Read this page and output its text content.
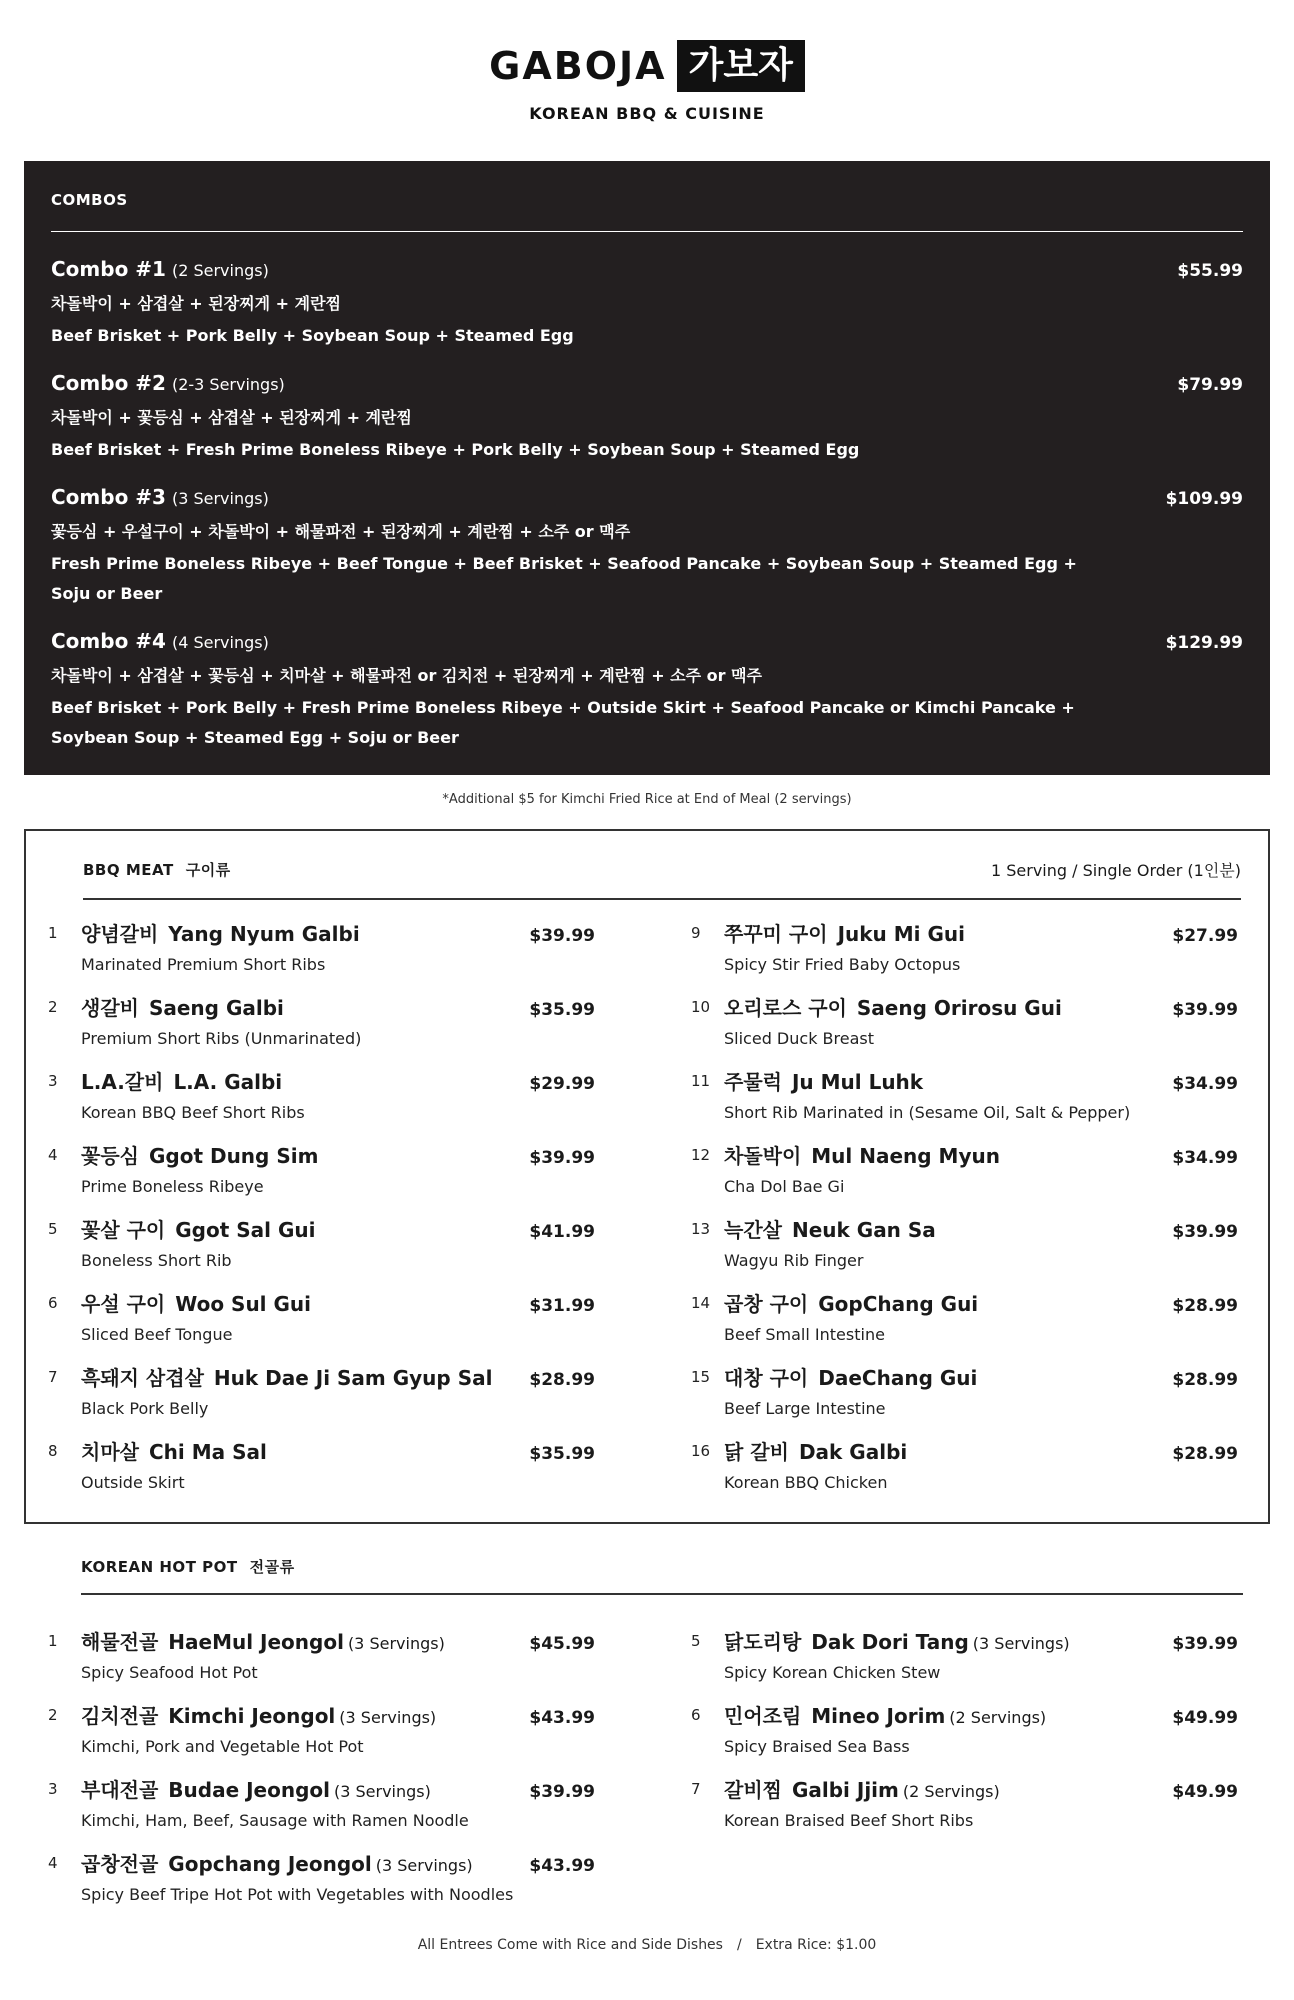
GABOJA 가보자
KOREAN BBQ & CUISINE
COMBOS
Combo #1 (2 Servings)	$55.99
차돌박이 + 삼겹살 + 된장찌게 + 계란찜
Beef Brisket + Pork Belly + Soybean Soup + Steamed Egg
Combo #2 (2-3 Servings)	$79.99
차돌박이 + 꽃등심 + 삼겹살 + 된장찌게 + 계란찜
Beef Brisket + Fresh Prime Boneless Ribeye + Pork Belly + Soybean Soup + Steamed Egg
Combo #3 (3 Servings)	$109.99
꽃등심 + 우설구이 + 차돌박이 + 해물파전 + 된장찌게 + 계란찜 + 소주 or 맥주
Fresh Prime Boneless Ribeye + Beef Tongue + Beef Brisket + Seafood Pancake + Soybean Soup + Steamed Egg + Soju or Beer
Combo #4 (4 Servings)	$129.99
차돌박이 + 삼겹살 + 꽃등심 + 치마살 + 해물파전 or 김치전 + 된장찌게 + 계란찜 + 소주 or 맥주
Beef Brisket + Pork Belly + Fresh Prime Boneless Ribeye + Outside Skirt + Seafood Pancake or Kimchi Pancake + Soybean Soup + Steamed Egg + Soju or Beer
*Additional $5 for Kimchi Fried Rice at End of Meal (2 servings)
BBQ MEAT 구이류	1 Serving / Single Order (1인분)
1 양념갈비 Yang Nyum Galbi	$39.99
Marinated Premium Short Ribs
2 생갈비 Saeng Galbi	$35.99
Premium Short Ribs (Unmarinated)
3 L.A.갈비 L.A. Galbi	$29.99
Korean BBQ Beef Short Ribs
4 꽃등심 Ggot Dung Sim	$39.99
Prime Boneless Ribeye
5 꽃살 구이 Ggot Sal Gui	$41.99
Boneless Short Rib
6 우설 구이 Woo Sul Gui	$31.99
Sliced Beef Tongue
7 흑돼지 삼겹살 Huk Dae Ji Sam Gyup Sal $28.99
Black Pork Belly
8 치마살 Chi Ma Sal	$35.99
Outside Skirt
9 쭈꾸미 구이 Juku Mi Gui	$27.99
Spicy Stir Fried Baby Octopus
10 오리로스 구이 Saeng Orirosu Gui	$39.99
Sliced Duck Breast
11 주물럭 Ju Mul Luhk	$34.99
Short Rib Marinated in (Sesame Oil, Salt & Pepper)
12 차돌박이 Mul Naeng Myun	$34.99
Cha Dol Bae Gi
13 늑간살 Neuk Gan Sa	$39.99
Wagyu Rib Finger
14 곱창 구이 GopChang Gui	$28.99
Beef Small Intestine
15 대창 구이 DaeChang Gui	$28.99
Beef Large Intestine
16 닭 갈비 Dak Galbi	$28.99
Korean BBQ Chicken
KOREAN HOT POT 전골류
1 해물전골 HaeMul Jeongol (3 Servings)	$45.99
Spicy Seafood Hot Pot
2 김치전골 Kimchi Jeongol (3 Servings)	$43.99
Kimchi, Pork and Vegetable Hot Pot
3 부대전골 Budae Jeongol (3 Servings)	$39.99
Kimchi, Ham, Beef, Sausage with Ramen Noodle
4 곱창전골 Gopchang Jeongol (3 Servings)	$43.99
Spicy Beef Tripe Hot Pot with Vegetables with Noodles
5 닭도리탕 Dak Dori Tang (3 Servings)	$39.99
Spicy Korean Chicken Stew
6 민어조림 Mineo Jorim (2 Servings)	$49.99
Spicy Braised Sea Bass
7 갈비찜 Galbi Jjim (2 Servings)	$49.99
Korean Braised Beef Short Ribs
All Entrees Come with Rice and Side Dishes / Extra Rice: $1.00
